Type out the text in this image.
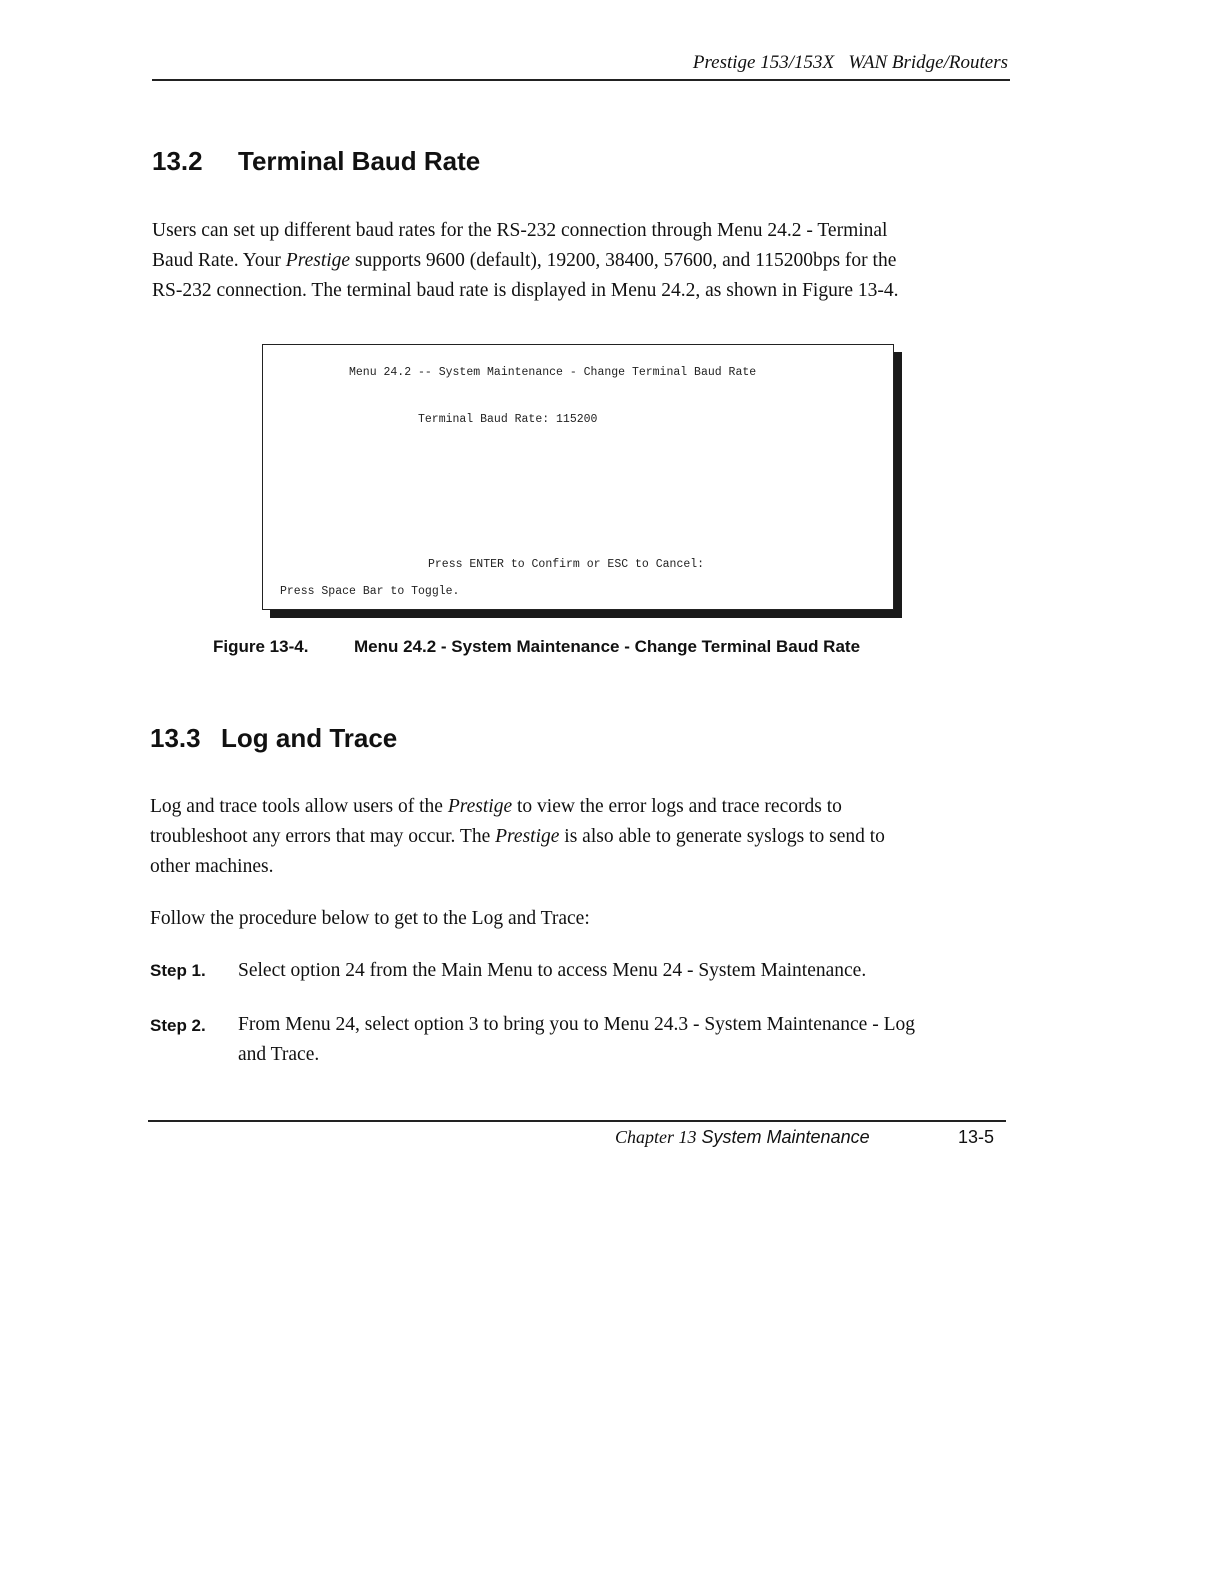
Prestige 153/153X WAN Bridge/Routers
13.2 Terminal Baud Rate
Users can set up different baud rates for the RS-232 connection through Menu 24.2 - Terminal
Baud Rate. Your Prestige supports 9600 (default), 19200, 38400, 57600, and 115200bps for the
RS-232 connection. The terminal baud rate is displayed in Menu 24.2, as shown in Figure 13-4.
Menu 24.2 -- System Maintenance - Change Terminal Baud Rate
Terminal Baud Rate: 115200
Press ENTER to Confirm or ESC to Cancel:
Press Space Bar to Toggle.
Figure 13-4.	Menu 24.2 - System Maintenance - Change Terminal Baud Rate
13.3 Log and Trace
Log and trace tools allow users of the Prestige to view the error logs and trace records to
troubleshoot any errors that may occur. The Prestige is also able to generate syslogs to send to
other machines.
Follow the procedure below to get to the Log and Trace:
Step 1. Select option 24 from the Main Menu to access Menu 24 - System Maintenance.
Step 2. From Menu 24, select option 3 to bring you to Menu 24.3 - System Maintenance - Log
and Trace.
Chapter 13 System Maintenance	13-5
